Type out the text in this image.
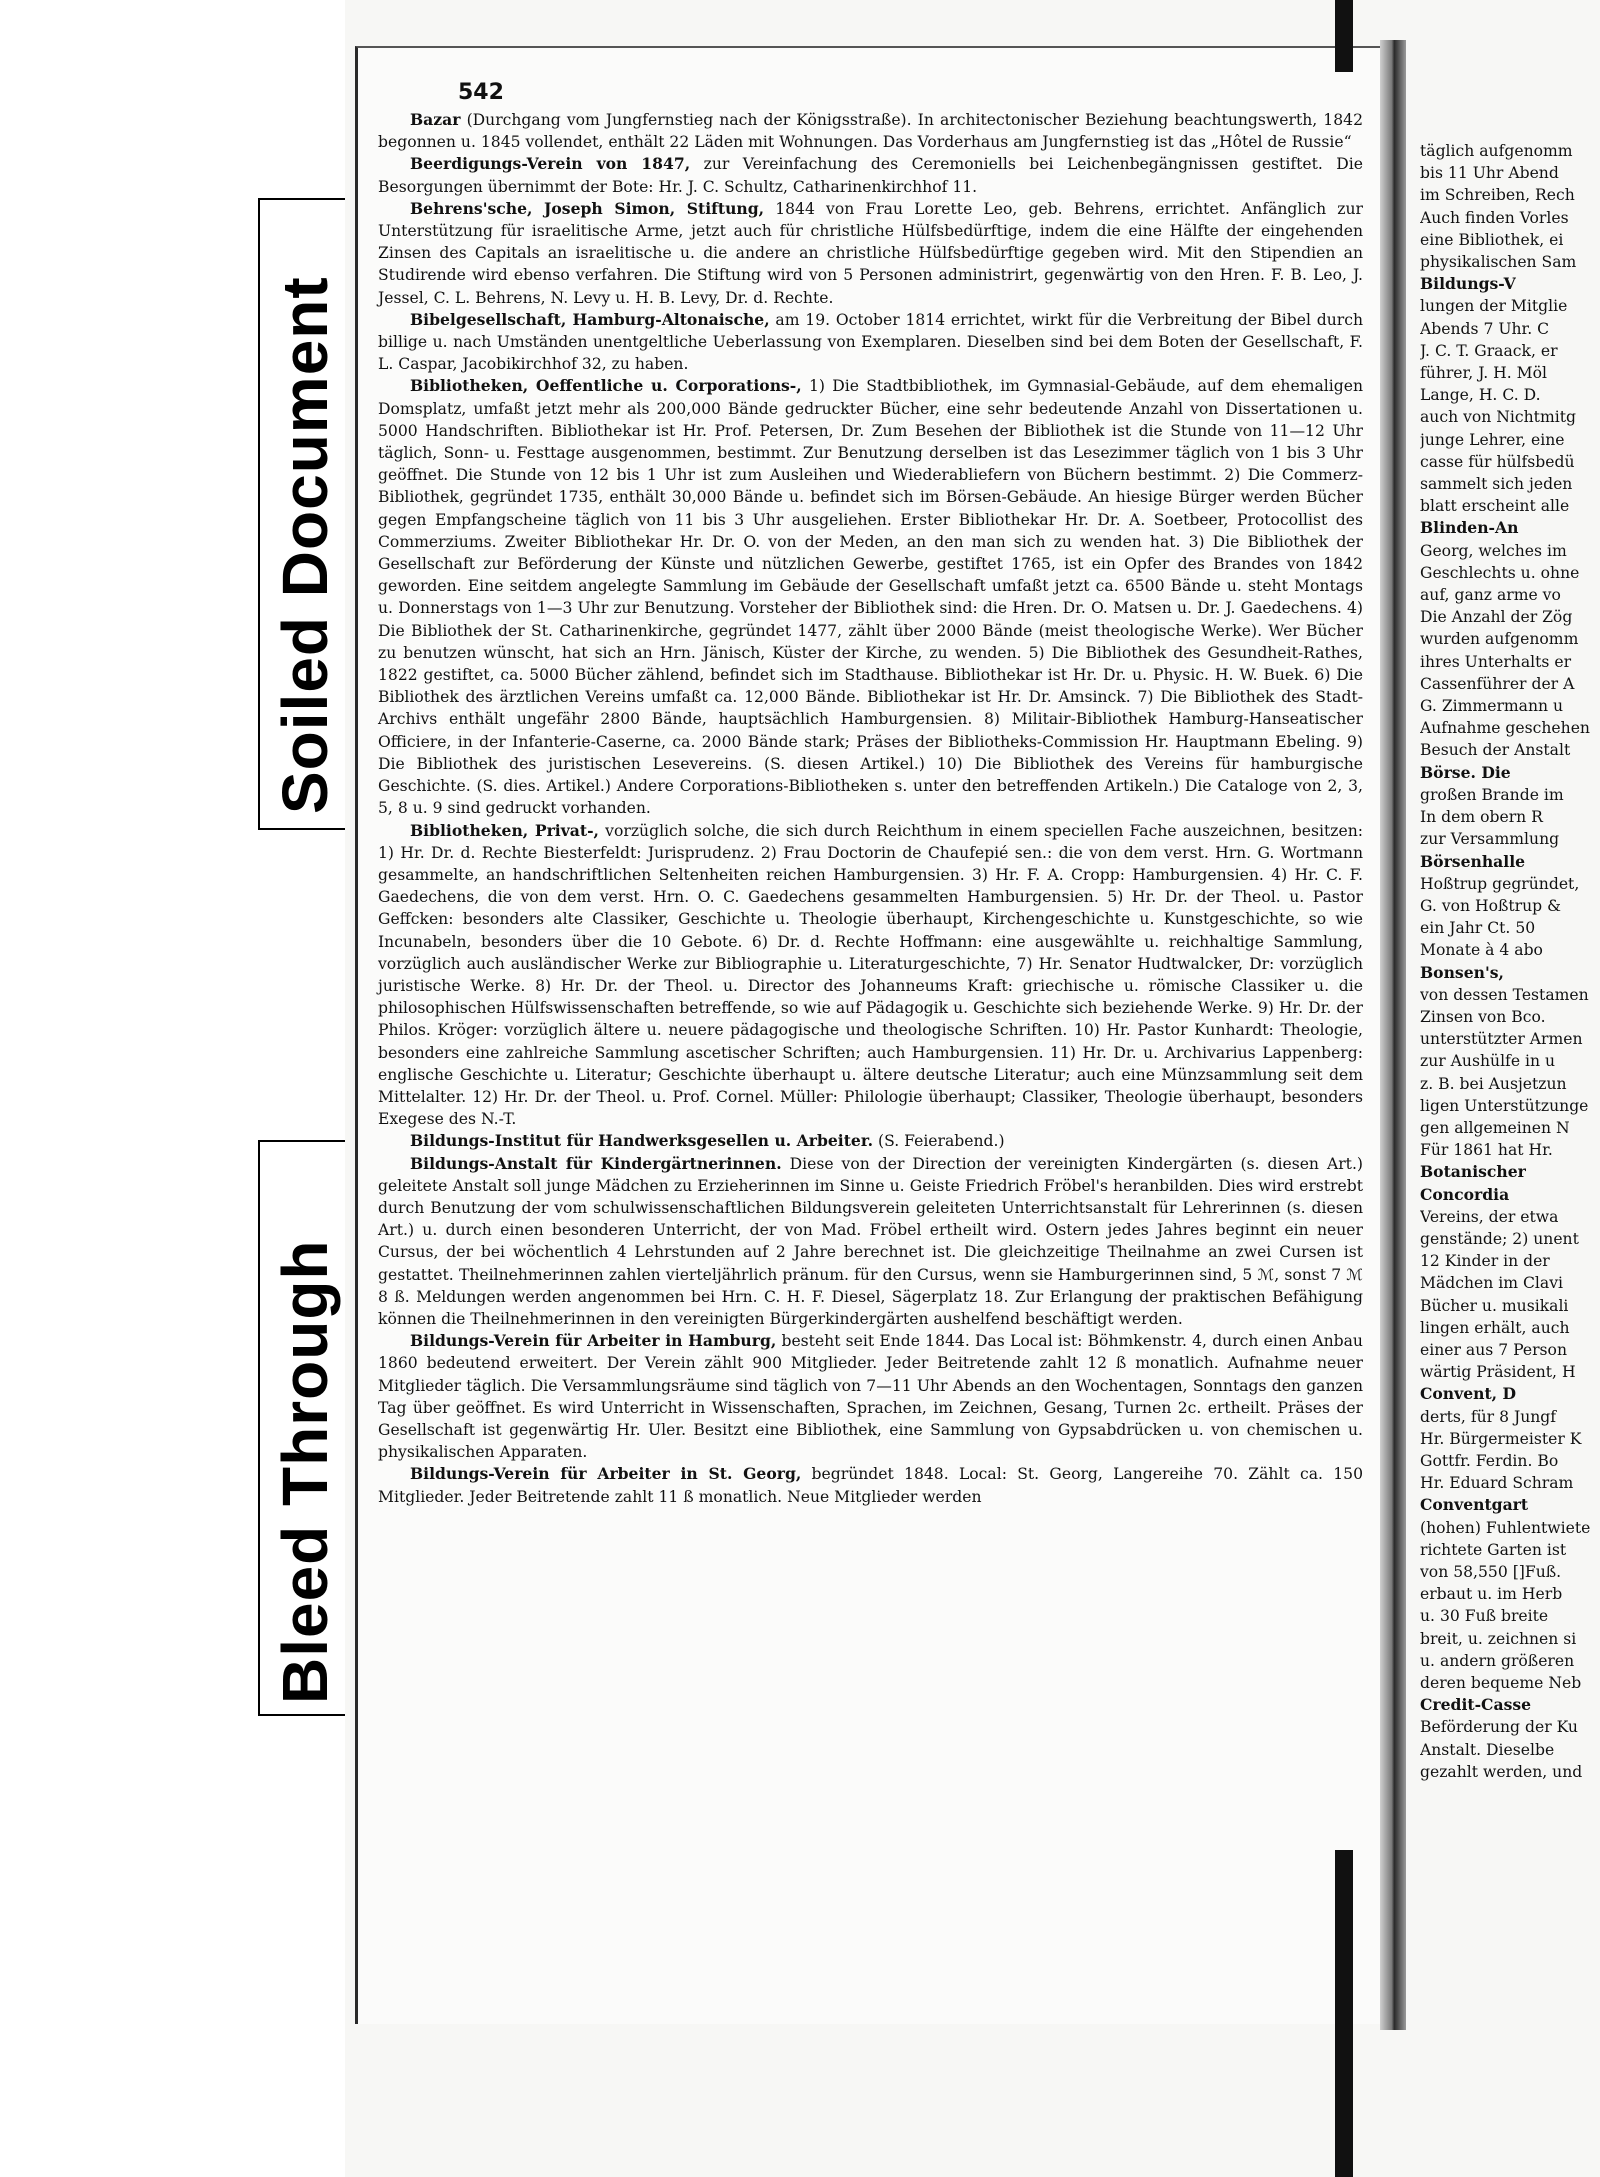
Soiled Document
Bleed Through
542

Bazar (Durchgang vom Jungfernstieg nach der Königsstraße). In architectonischer Beziehung beachtungswerth, 1842 begonnen u. 1845 vollendet, enthält 22 Läden mit Wohnungen. Das Vorderhaus am Jungfernstieg ist das „Hôtel de Russie“

Beerdigungs-Verein von 1847, zur Vereinfachung des Ceremoniells bei Leichenbegängnissen gestiftet. Die Besorgungen übernimmt der Bote: Hr. J. C. Schultz, Catharinenkirchhof 11.

Behrens'sche, Joseph Simon, Stiftung, 1844 von Frau Lorette Leo, geb. Behrens, errichtet. Anfänglich zur Unterstützung für israelitische Arme, jetzt auch für christliche Hülfsbedürftige, indem die eine Hälfte der eingehenden Zinsen des Capitals an israelitische u. die andere an christliche Hülfsbedürftige gegeben wird. Mit den Stipendien an Studirende wird ebenso verfahren. Die Stiftung wird von 5 Personen administrirt, gegenwärtig von den Hren. F. B. Leo, J. Jessel, C. L. Behrens, N. Levy u. H. B. Levy, Dr. d. Rechte.

Bibelgesellschaft, Hamburg-Altonaische, am 19. October 1814 errichtet, wirkt für die Verbreitung der Bibel durch billige u. nach Umständen unentgeltliche Ueberlassung von Exemplaren. Dieselben sind bei dem Boten der Gesellschaft, F. L. Caspar, Jacobikirchhof 32, zu haben.

Bibliotheken, Oeffentliche u. Corporations-, 1) Die Stadtbibliothek, im Gymnasial-Gebäude, auf dem ehemaligen Domsplatz, umfaßt jetzt mehr als 200,000 Bände gedruckter Bücher, eine sehr bedeutende Anzahl von Dissertationen u. 5000 Handschriften. Bibliothekar ist Hr. Prof. Petersen, Dr. Zum Besehen der Bibliothek ist die Stunde von 11—12 Uhr täglich, Sonn- u. Festtage ausgenommen, bestimmt. Zur Benutzung derselben ist das Lesezimmer täglich von 1 bis 3 Uhr geöffnet. Die Stunde von 12 bis 1 Uhr ist zum Ausleihen und Wiederabliefern von Büchern bestimmt. 2) Die Commerz-Bibliothek, gegründet 1735, enthält 30,000 Bände u. befindet sich im Börsen-Gebäude. An hiesige Bürger werden Bücher gegen Empfangscheine täglich von 11 bis 3 Uhr ausgeliehen. Erster Bibliothekar Hr. Dr. A. Soetbeer, Protocollist des Commerziums. Zweiter Bibliothekar Hr. Dr. O. von der Meden, an den man sich zu wenden hat. 3) Die Bibliothek der Gesellschaft zur Beförderung der Künste und nützlichen Gewerbe, gestiftet 1765, ist ein Opfer des Brandes von 1842 geworden. Eine seitdem angelegte Sammlung im Gebäude der Gesellschaft umfaßt jetzt ca. 6500 Bände u. steht Montags u. Donnerstags von 1—3 Uhr zur Benutzung. Vorsteher der Bibliothek sind: die Hren. Dr. O. Matsen u. Dr. J. Gaedechens. 4) Die Bibliothek der St. Catharinenkirche, gegründet 1477, zählt über 2000 Bände (meist theologische Werke). Wer Bücher zu benutzen wünscht, hat sich an Hrn. Jänisch, Küster der Kirche, zu wenden. 5) Die Bibliothek des Gesundheit-Rathes, 1822 gestiftet, ca. 5000 Bücher zählend, befindet sich im Stadthause. Bibliothekar ist Hr. Dr. u. Physic. H. W. Buek. 6) Die Bibliothek des ärztlichen Vereins umfaßt ca. 12,000 Bände. Bibliothekar ist Hr. Dr. Amsinck. 7) Die Bibliothek des Stadt-Archivs enthält ungefähr 2800 Bände, hauptsächlich Hamburgensien. 8) Militair-Bibliothek Hamburg-Hanseatischer Officiere, in der Infanterie-Caserne, ca. 2000 Bände stark; Präses der Bibliotheks-Commission Hr. Hauptmann Ebeling. 9) Die Bibliothek des juristischen Lesevereins. (S. diesen Artikel.) 10) Die Bibliothek des Vereins für hamburgische Geschichte. (S. dies. Artikel.) Andere Corporations-Bibliotheken s. unter den betreffenden Artikeln.) Die Cataloge von 2, 3, 5, 8 u. 9 sind gedruckt vorhanden.

Bibliotheken, Privat-, vorzüglich solche, die sich durch Reichthum in einem speciellen Fache auszeichnen, besitzen: 1) Hr. Dr. d. Rechte Biesterfeldt: Jurisprudenz. 2) Frau Doctorin de Chaufepié sen.: die von dem verst. Hrn. G. Wortmann gesammelte, an handschriftlichen Seltenheiten reichen Hamburgensien. 3) Hr. F. A. Cropp: Hamburgensien. 4) Hr. C. F. Gaedechens, die von dem verst. Hrn. O. C. Gaedechens gesammelten Hamburgensien. 5) Hr. Dr. der Theol. u. Pastor Geffcken: besonders alte Classiker, Geschichte u. Theologie überhaupt, Kirchengeschichte u. Kunstgeschichte, so wie Incunabeln, besonders über die 10 Gebote. 6) Dr. d. Rechte Hoffmann: eine ausgewählte u. reichhaltige Sammlung, vorzüglich auch ausländischer Werke zur Bibliographie u. Literaturgeschichte, 7) Hr. Senator Hudtwalcker, Dr: vorzüglich juristische Werke. 8) Hr. Dr. der Theol. u. Director des Johanneums Kraft: griechische u. römische Classiker u. die philosophischen Hülfswissenschaften betreffende, so wie auf Pädagogik u. Geschichte sich beziehende Werke. 9) Hr. Dr. der Philos. Kröger: vorzüglich ältere u. neuere pädagogische und theologische Schriften. 10) Hr. Pastor Kunhardt: Theologie, besonders eine zahlreiche Sammlung ascetischer Schriften; auch Hamburgensien. 11) Hr. Dr. u. Archivarius Lappenberg: englische Geschichte u. Literatur; Geschichte überhaupt u. ältere deutsche Literatur; auch eine Münzsammlung seit dem Mittelalter. 12) Hr. Dr. der Theol. u. Prof. Cornel. Müller: Philologie überhaupt; Classiker, Theologie überhaupt, besonders Exegese des N.-T.

Bildungs-Institut für Handwerksgesellen u. Arbeiter. (S. Feierabend.)

Bildungs-Anstalt für Kindergärtnerinnen. Diese von der Direction der vereinigten Kindergärten (s. diesen Art.) geleitete Anstalt soll junge Mädchen zu Erzieherinnen im Sinne u. Geiste Friedrich Fröbel's heranbilden. Dies wird erstrebt durch Benutzung der vom schulwissenschaftlichen Bildungsverein geleiteten Unterrichtsanstalt für Lehrerinnen (s. diesen Art.) u. durch einen besonderen Unterricht, der von Mad. Fröbel ertheilt wird. Ostern jedes Jahres beginnt ein neuer Cursus, der bei wöchentlich 4 Lehrstunden auf 2 Jahre berechnet ist. Die gleichzeitige Theilnahme an zwei Cursen ist gestattet. Theilnehmerinnen zahlen vierteljährlich pränum. für den Cursus, wenn sie Hamburgerinnen sind, 5 ℳ, sonst 7 ℳ 8 ß. Meldungen werden angenommen bei Hrn. C. H. F. Diesel, Sägerplatz 18. Zur Erlangung der praktischen Befähigung können die Theilnehmerinnen in den vereinigten Bürgerkindergärten aushelfend beschäftigt werden.

Bildungs-Verein für Arbeiter in Hamburg, besteht seit Ende 1844. Das Local ist: Böhmkenstr. 4, durch einen Anbau 1860 bedeutend erweitert. Der Verein zählt 900 Mitglieder. Jeder Beitretende zahlt 12 ß monatlich. Aufnahme neuer Mitglieder täglich. Die Versammlungsräume sind täglich von 7—11 Uhr Abends an den Wochentagen, Sonntags den ganzen Tag über geöffnet. Es wird Unterricht in Wissenschaften, Sprachen, im Zeichnen, Gesang, Turnen 2c. ertheilt. Präses der Gesellschaft ist gegenwärtig Hr. Uler. Besitzt eine Bibliothek, eine Sammlung von Gypsabdrücken u. von chemischen u. physikalischen Apparaten.

Bildungs-Verein für Arbeiter in St. Georg, begründet 1848. Local: St. Georg, Langereihe 70. Zählt ca. 150 Mitglieder. Jeder Beitretende zahlt 11 ß monatlich. Neue Mitglieder werden

täglich aufgenomm
bis 11 Uhr Abend
im Schreiben, Rech
Auch finden Vorles
eine Bibliothek, ei
physikalischen Sam
Bildungs-V
lungen der Mitglie
Abends 7 Uhr. C
J. C. T. Graack, er
führer, J. H. Möl
Lange, H. C. D.
auch von Nichtmitg
junge Lehrer, eine
casse für hülfsbedü
sammelt sich jeden
blatt erscheint alle
Blinden-An
Georg, welches im
Geschlechts u. ohne
auf, ganz arme vo
Die Anzahl der Zög
wurden aufgenomm
ihres Unterhalts er
Cassenführer der A
G. Zimmermann u
Aufnahme geschehen
Besuch der Anstalt
Börse. Die
großen Brande im
In dem obern R
zur Versammlung
Börsenhalle
Hoßtrup gegründet,
G. von Hoßtrup &
ein Jahr Ct. 50
Monate à 4 abo
Bonsen's,
von dessen Testamen
Zinsen von Bco.
unterstützter Armen
zur Aushülfe in u
z. B. bei Ausjetzun
ligen Unterstützunge
gen allgemeinen N
Für 1861 hat Hr.
Botanischer
Concordia
Vereins, der etwa
genstände; 2) unent
12 Kinder in der
Mädchen im Clavi
Bücher u. musikali
lingen erhält, auch
einer aus 7 Person
wärtig Präsident, H
Convent, D
derts, für 8 Jungf
Hr. Bürgermeister K
Gottfr. Ferdin. Bo
Hr. Eduard Schram
Conventgart
(hohen) Fuhlentwiete
richtete Garten ist
von 58,550 []Fuß.
erbaut u. im Herb
u. 30 Fuß breite
breit, u. zeichnen si
u. andern größeren
deren bequeme Neb
Credit-Casse
Beförderung der Ku
Anstalt. Dieselbe
gezahlt werden, und
